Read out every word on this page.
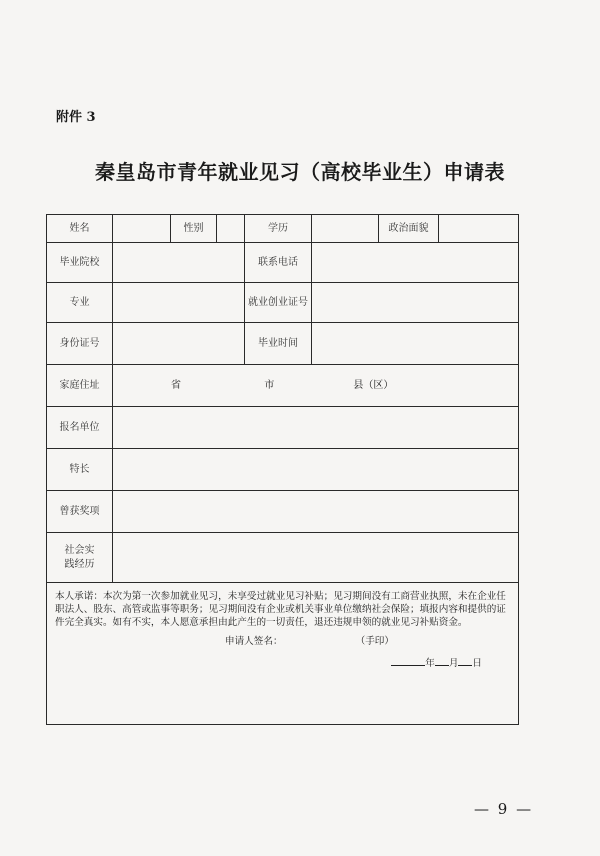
附件 3
秦皇岛市青年就业见习（高校毕业生）申请表
姓名		性别		学历		政治面貌	
毕业院校				联系电话			
专业				就业创业证号			
身份证号				毕业时间			
家庭住址	省 市 县（区）						
报名单位							
特长							
曾获奖项							
社会实践经历							

本人承诺：本次为第一次参加就业见习，未享受过就业见习补贴；见习期间没有工商营业执照，未在企业任职法人、股东、高管或监事等职务；见习期间没有企业或机关事业单位缴纳社会保险；填报内容和提供的证件完全真实。如有不实，本人愿意承担由此产生的一切责任，退还违规申领的就业见习补贴资金。

申请人签名： （手印）
年 月 日							
— 9 —
